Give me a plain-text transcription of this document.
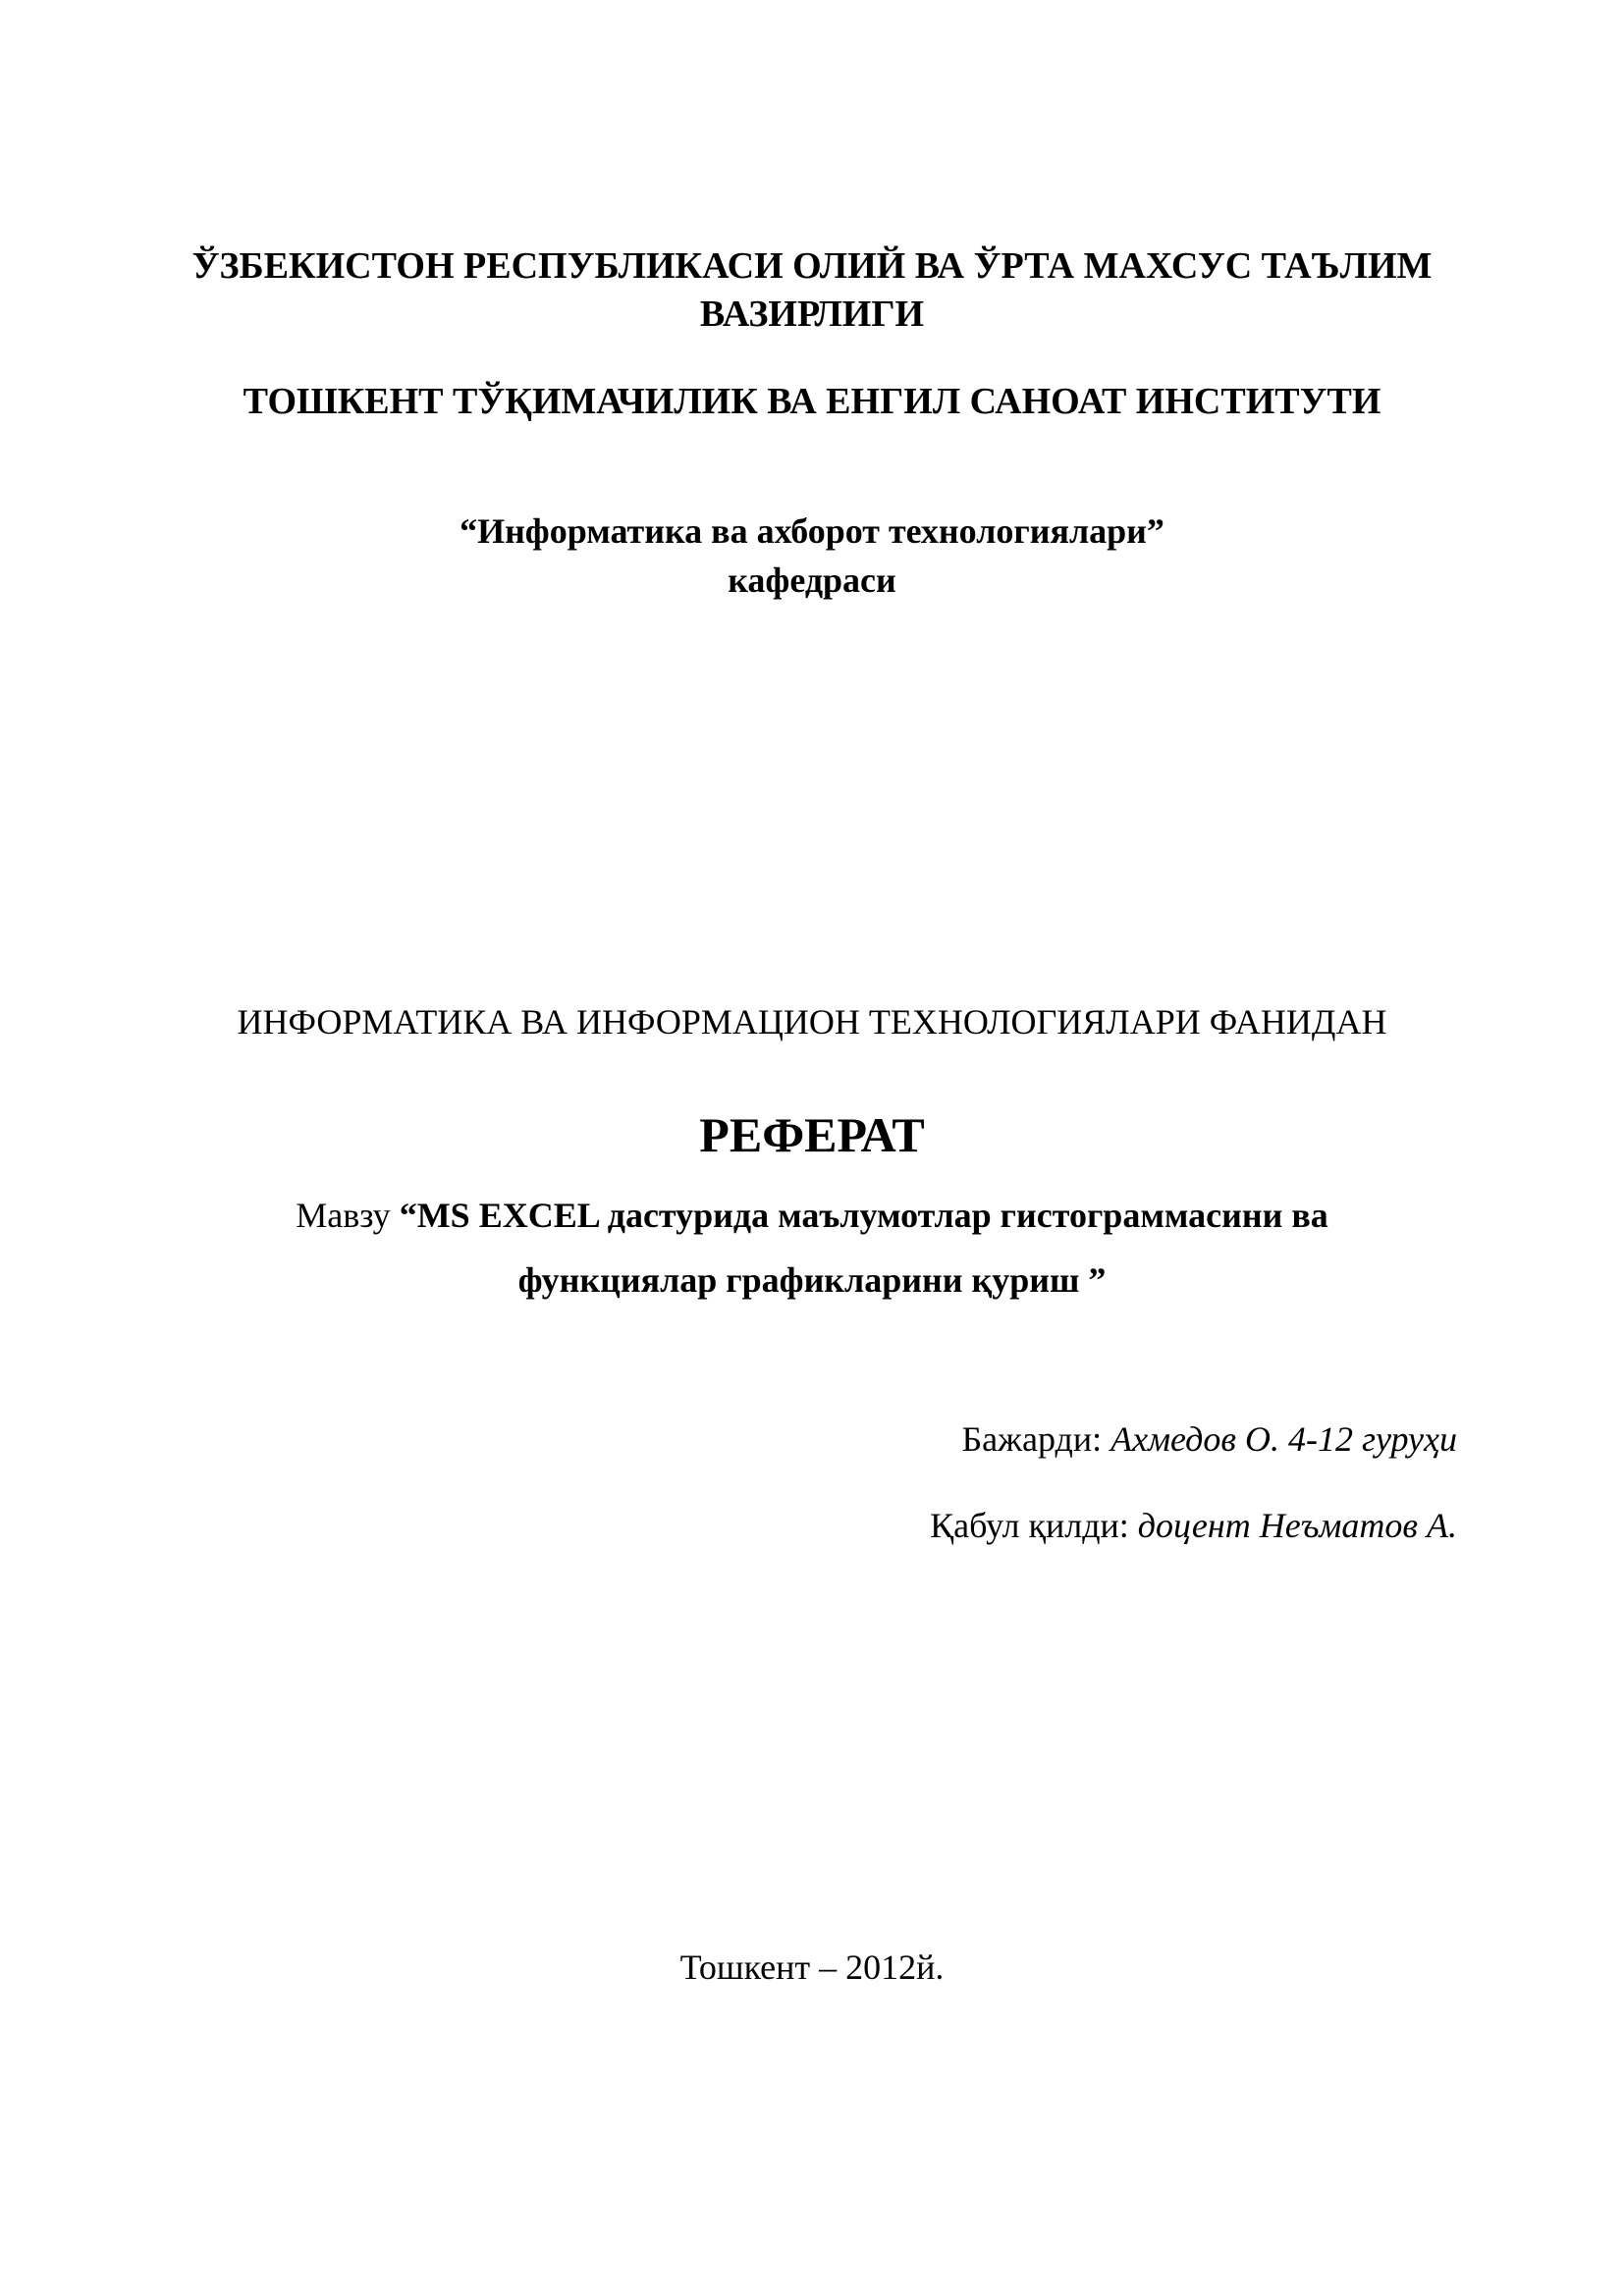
ЎЗБЕКИСТОН РЕСПУБЛИКАСИ ОЛИЙ ВА ЎРТА МАХСУС ТАЪЛИМ
ВАЗИРЛИГИ
ТОШКЕНТ ТЎҚИМАЧИЛИК ВА ЕНГИЛ САНОАТ ИНСТИТУТИ
“Информатика ва ахборот технологиялари”
кафедраси
ИНФОРМАТИКА ВА ИНФОРМАЦИОН ТЕХНОЛОГИЯЛАРИ ФАНИДАН
РЕФЕРАТ
Мавзу “MS EXCEL дастурида маълумотлар гистограммасини ва
функциялар графикларини қуриш ”
Бажарди: Ахмедов О. 4-12 гуруҳи
Қабул қилди: доцент Неъматов А.
Тошкент – 2012й.
